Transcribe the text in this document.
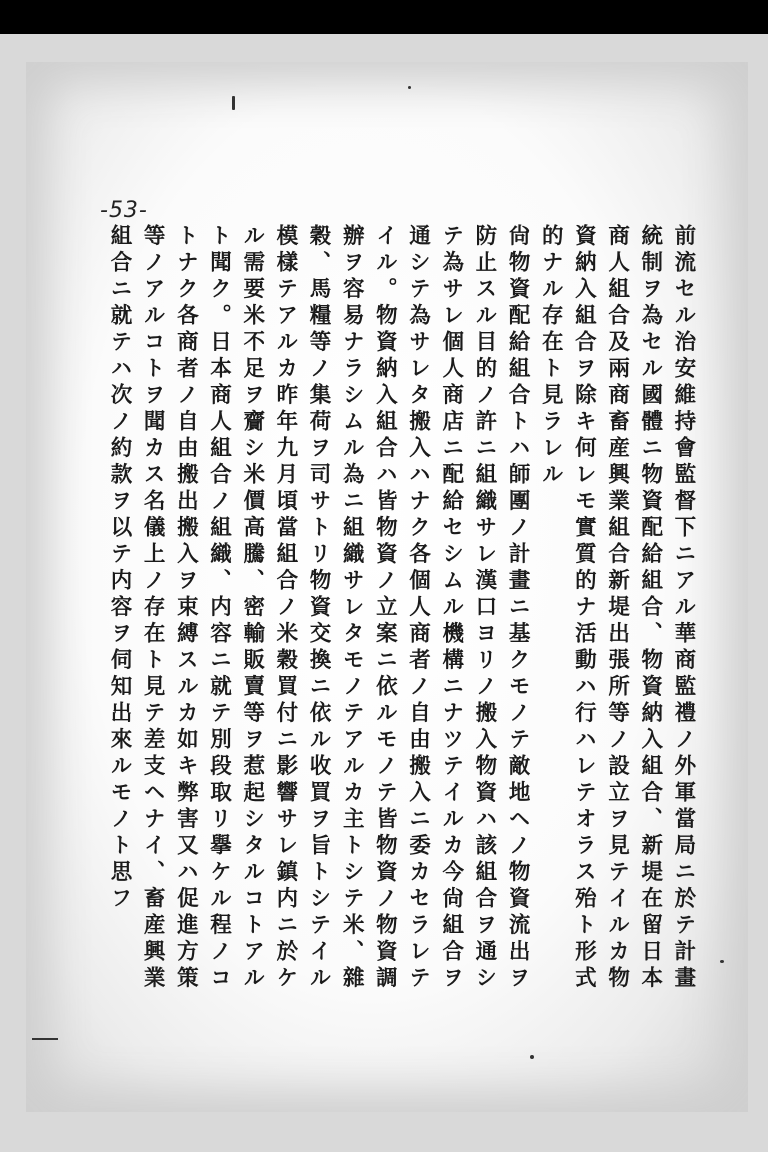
-53-
前流セル治安維持會監督下ニアル華商監禮ノ外軍當局ニ於テ計畫
統制ヲ為セル國體ニ物資配給組合、物資納入組合、新堤在留日本
商人組合及兩商畜産興業組合新堤出張所等ノ設立ヲ見テイルカ物
資納入組合ヲ除キ何レモ實質的ナ活動ハ行ハレテオラス殆ト形式
的ナル存在ト見ラレル
尙物資配給組合トハ師團ノ計畫ニ基クモノテ敵地ヘノ物資流出ヲ
防止スル目的ノ許ニ組織サレ漢口ヨリノ搬入物資ハ該組合ヲ通シ
テ為サレ個人商店ニ配給セシムル機構ニナツテイルカ今尙組合ヲ
通シテ為サレタ搬入ハナク各個人商者ノ自由搬入ニ委カセラレテ
イル。物資納入組合ハ皆物資ノ立案ニ依ルモノテ皆物資ノ物資調
辦ヲ容易ナラシムル為ニ組織サレタモノテアルカ主トシテ米、雜
穀、馬糧等ノ集荷ヲ司サトリ物資交換ニ依ル收買ヲ旨トシテイル
模樣テアルカ昨年九月頃當組合ノ米穀買付ニ影響サレ鎮内ニ於ケ
ル需要米不足ヲ齎シ米價高騰、密輸販賣等ヲ惹起シタルコトアル
ト聞ク。日本商人組合ノ組織、内容ニ就テ別段取リ擧ケル程ノコ
トナク各商者ノ自由搬出搬入ヲ束縛スルカ如キ弊害又ハ促進方策
等ノアルコトヲ聞カス名儀上ノ存在ト見テ差支ヘナイ、畜産興業
組合ニ就テハ次ノ約款ヲ以テ内容ヲ伺知出來ルモノト思フ
